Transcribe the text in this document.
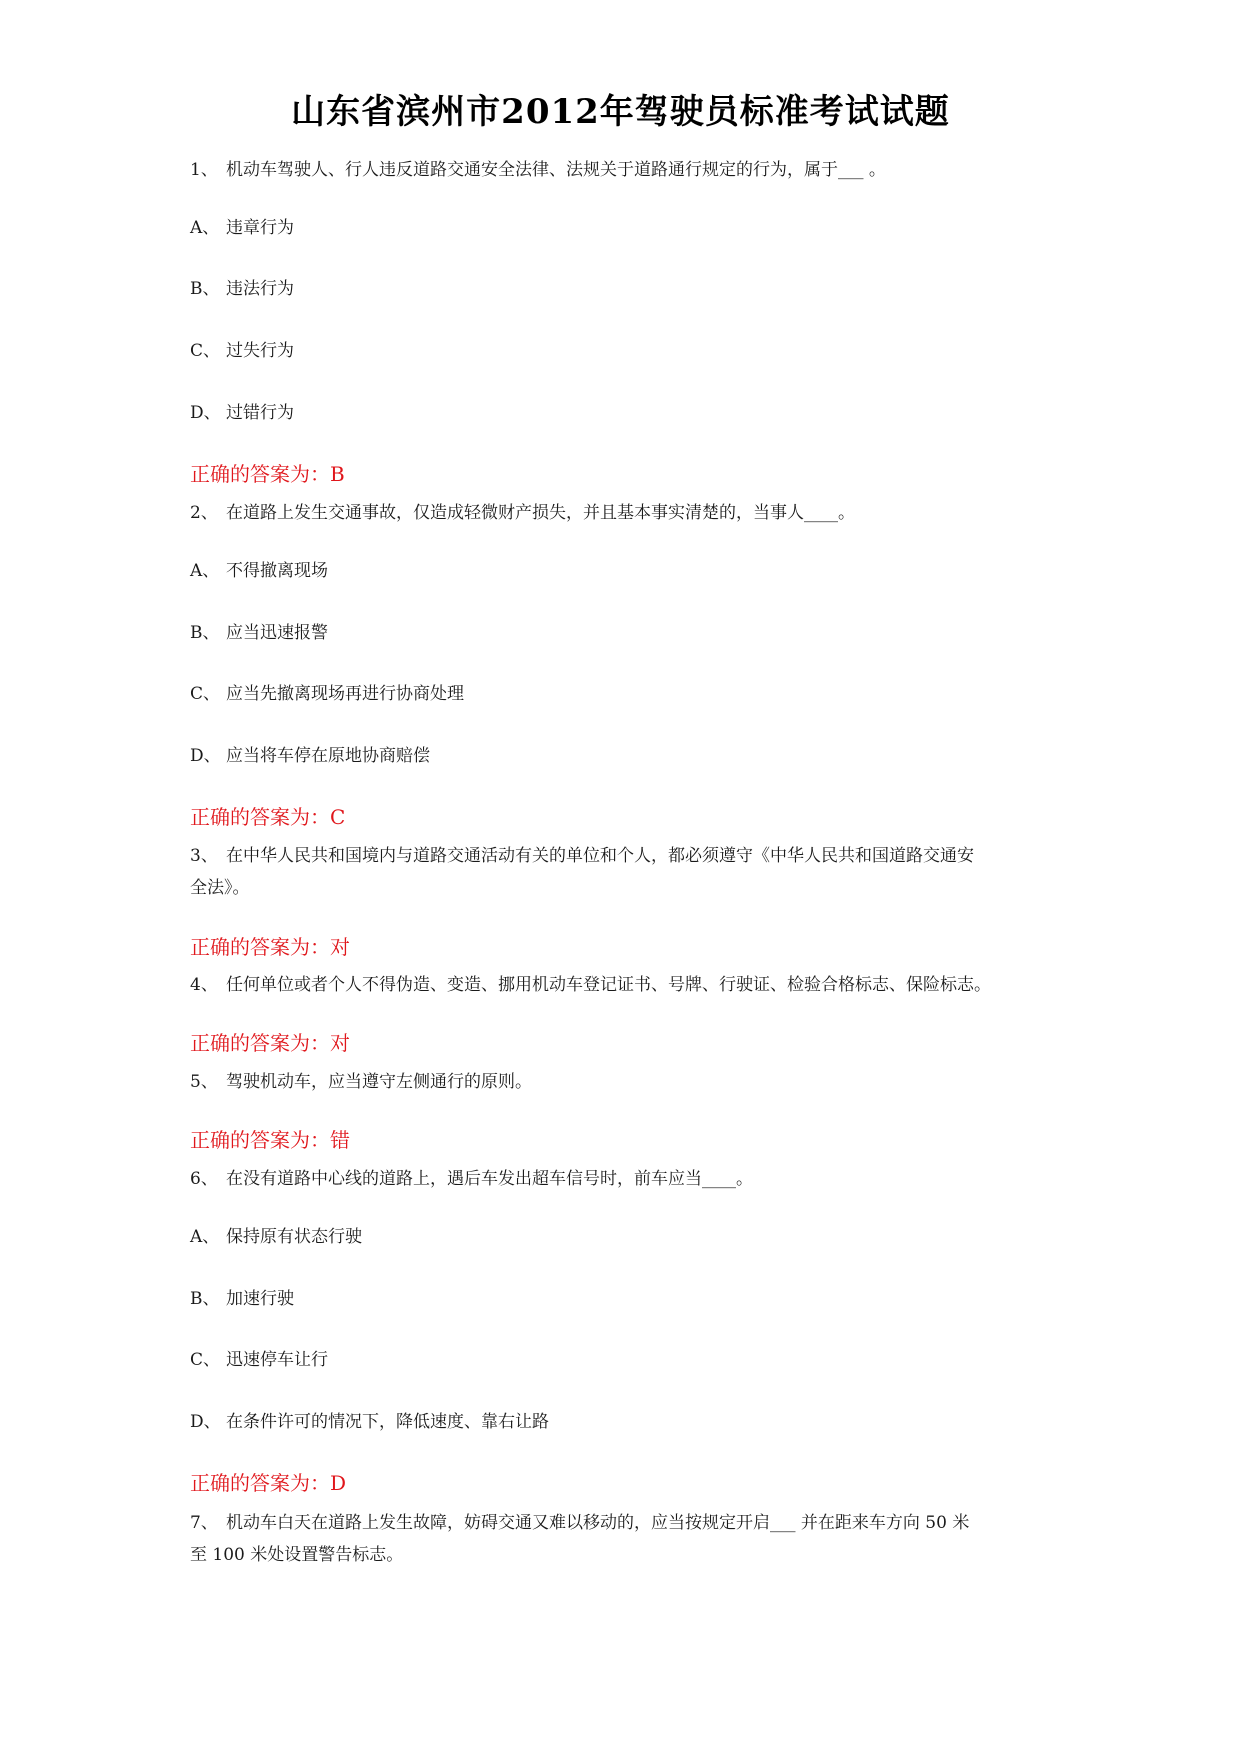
山东省滨州市2012年驾驶员标准考试试题
1、 机动车驾驶人、行人违反道路交通安全法律、法规关于道路通行规定的行为，属于___ 。
A、 违章行为
B、 违法行为
C、 过失行为
D、 过错行为
正确的答案为：B
2、 在道路上发生交通事故，仅造成轻微财产损失，并且基本事实清楚的，当事人____。
A、 不得撤离现场
B、 应当迅速报警
C、 应当先撤离现场再进行协商处理
D、 应当将车停在原地协商赔偿
正确的答案为：C
3、 在中华人民共和国境内与道路交通活动有关的单位和个人，都必须遵守《中华人民共和国道路交通安
全法》。
正确的答案为：对
4、 任何单位或者个人不得伪造、变造、挪用机动车登记证书、号牌、行驶证、检验合格标志、保险标志。
正确的答案为：对
5、 驾驶机动车，应当遵守左侧通行的原则。
正确的答案为：错
6、 在没有道路中心线的道路上，遇后车发出超车信号时，前车应当____。
A、 保持原有状态行驶
B、 加速行驶
C、 迅速停车让行
D、 在条件许可的情况下，降低速度、靠右让路
正确的答案为：D
7、 机动车白天在道路上发生故障，妨碍交通又难以移动的，应当按规定开启___ 并在距来车方向 50 米
至 100 米处设置警告标志。
